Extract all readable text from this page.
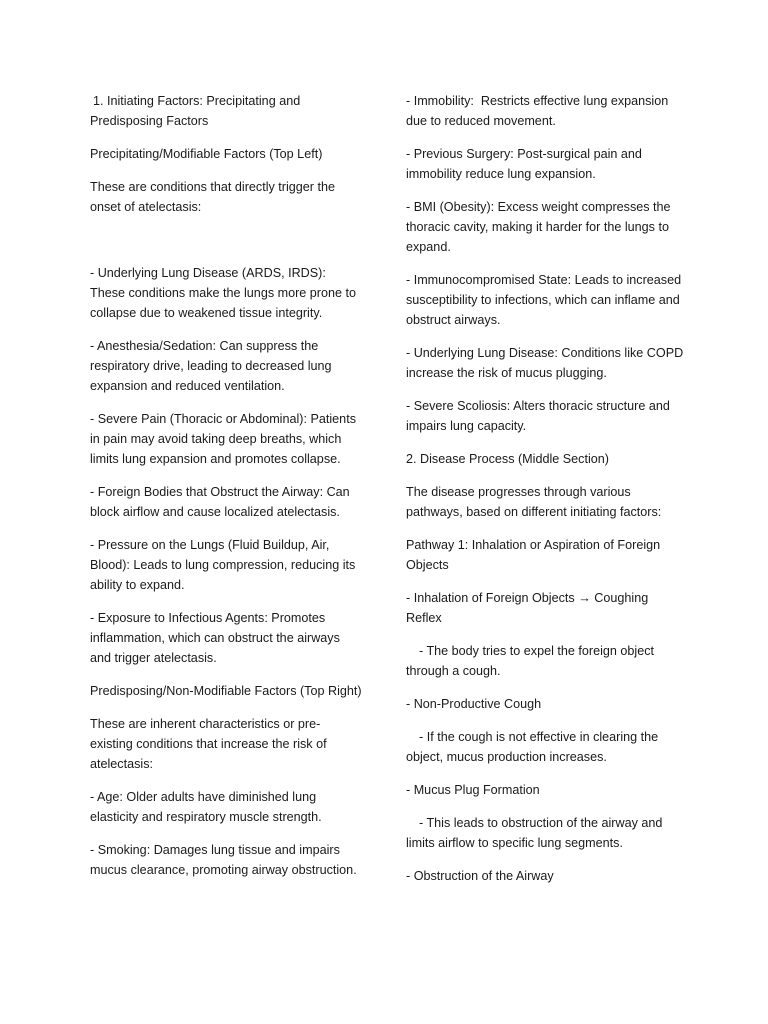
1. Initiating Factors: Precipitating and Predisposing Factors

Precipitating/Modifiable Factors (Top Left)

These are conditions that directly trigger the onset of atelectasis:

- Underlying Lung Disease (ARDS, IRDS): These conditions make the lungs more prone to collapse due to weakened tissue integrity.

- Anesthesia/Sedation: Can suppress the respiratory drive, leading to decreased lung expansion and reduced ventilation.

- Severe Pain (Thoracic or Abdominal): Patients in pain may avoid taking deep breaths, which limits lung expansion and promotes collapse.

- Foreign Bodies that Obstruct the Airway: Can block airflow and cause localized atelectasis.

- Pressure on the Lungs (Fluid Buildup, Air, Blood): Leads to lung compression, reducing its ability to expand.

- Exposure to Infectious Agents: Promotes inflammation, which can obstruct the airways and trigger atelectasis.

Predisposing/Non-Modifiable Factors (Top Right)

These are inherent characteristics or pre-existing conditions that increase the risk of atelectasis:

- Age: Older adults have diminished lung elasticity and respiratory muscle strength.

- Smoking: Damages lung tissue and impairs mucus clearance, promoting airway obstruction.

- Immobility:  Restricts effective lung expansion due to reduced movement.

- Previous Surgery: Post-surgical pain and immobility reduce lung expansion.

- BMI (Obesity): Excess weight compresses the thoracic cavity, making it harder for the lungs to expand.

- Immunocompromised State: Leads to increased susceptibility to infections, which can inflame and obstruct airways.

- Underlying Lung Disease: Conditions like COPD increase the risk of mucus plugging.

- Severe Scoliosis: Alters thoracic structure and impairs lung capacity.

2. Disease Process (Middle Section)

The disease progresses through various pathways, based on different initiating factors:

Pathway 1: Inhalation or Aspiration of Foreign Objects

- Inhalation of Foreign Objects → Coughing Reflex

- The body tries to expel the foreign object through a cough.

- Non-Productive Cough

- If the cough is not effective in clearing the object, mucus production increases.

- Mucus Plug Formation

- This leads to obstruction of the airway and limits airflow to specific lung segments.

- Obstruction of the Airway
